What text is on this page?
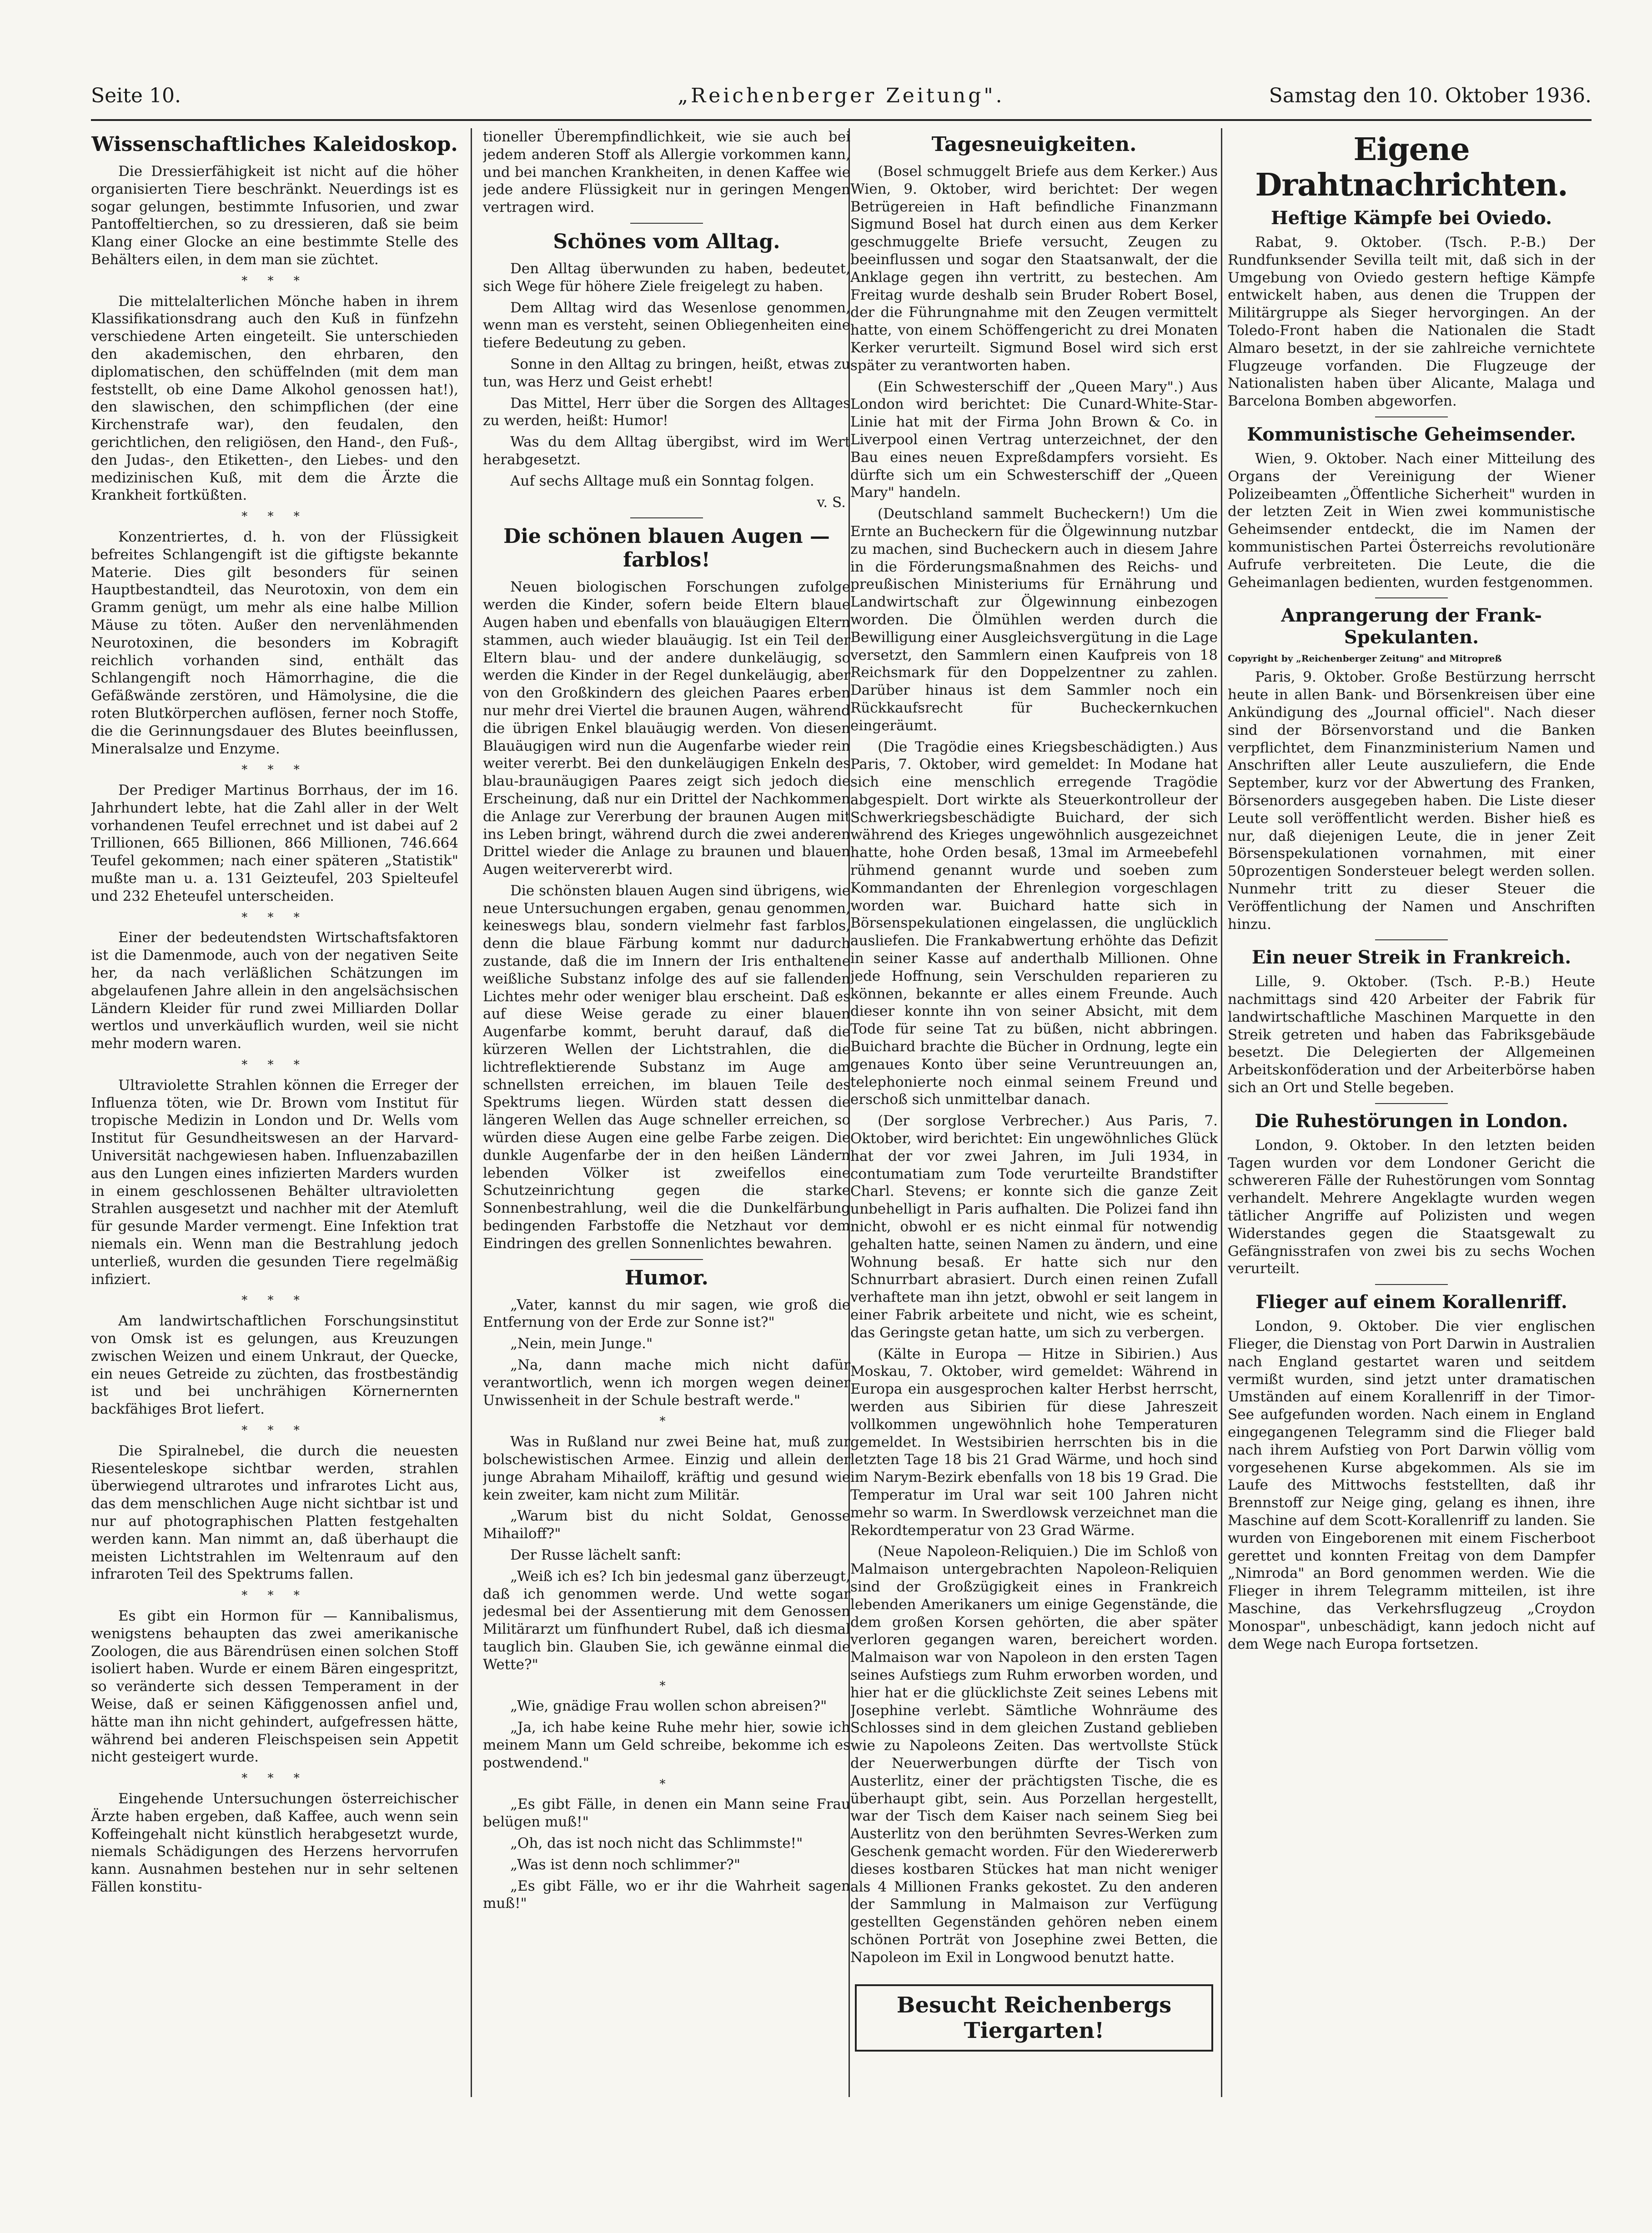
Seite 10.	„Reichenberger Zeitung".	Samstag den 10. Oktober 1936.
Wissenschaftliches Kaleidoskop.

Die Dressierfähigkeit ist nicht auf die höher organisierten Tiere beschränkt. Neuerdings ist es sogar gelungen, bestimmte Infusorien, und zwar Pantoffeltierchen, so zu dressieren, daß sie beim Klang einer Glocke an eine bestimmte Stelle des Behälters eilen, in dem man sie züchtet.

* * *

Die mittelalterlichen Mönche haben in ihrem Klassifikationsdrang auch den Kuß in fünfzehn verschiedene Arten eingeteilt. Sie unterschieden den akademischen, den ehrbaren, den diplomatischen, den schüffelnden (mit dem man feststellt, ob eine Dame Alkohol genossen hat!), den slawischen, den schimpflichen (der eine Kirchenstrafe war), den feudalen, den gerichtlichen, den religiösen, den Hand-, den Fuß-, den Judas-, den Etiketten-, den Liebes- und den medizinischen Kuß, mit dem die Ärzte die Krankheit fortküßten.

* * *

Konzentriertes, d. h. von der Flüssigkeit befreites Schlangengift ist die giftigste bekannte Materie. Dies gilt besonders für seinen Hauptbestandteil, das Neurotoxin, von dem ein Gramm genügt, um mehr als eine halbe Million Mäuse zu töten. Außer den nervenlähmenden Neurotoxinen, die besonders im Kobragift reichlich vorhanden sind, enthält das Schlangengift noch Hämorrhagine, die die Gefäßwände zerstören, und Hämolysine, die die roten Blutkörperchen auflösen, ferner noch Stoffe, die die Gerinnungsdauer des Blutes beeinflussen, Mineralsalze und Enzyme.

* * *

Der Prediger Martinus Borrhaus, der im 16. Jahrhundert lebte, hat die Zahl aller in der Welt vorhandenen Teufel errechnet und ist dabei auf 2 Trillionen, 665 Billionen, 866 Millionen, 746.664 Teufel gekommen; nach einer späteren „Statistik" mußte man u. a. 131 Geizteufel, 203 Spielteufel und 232 Eheteufel unterscheiden.

* * *

Einer der bedeutendsten Wirtschaftsfaktoren ist die Damenmode, auch von der negativen Seite her, da nach verläßlichen Schätzungen im abgelaufenen Jahre allein in den angelsächsischen Ländern Kleider für rund zwei Milliarden Dollar wertlos und unverkäuflich wurden, weil sie nicht mehr modern waren.

* * *

Ultraviolette Strahlen können die Erreger der Influenza töten, wie Dr. Brown vom Institut für tropische Medizin in London und Dr. Wells vom Institut für Gesundheitswesen an der Harvard-Universität nachgewiesen haben. Influenzabazillen aus den Lungen eines infizierten Marders wurden in einem geschlossenen Behälter ultravioletten Strahlen ausgesetzt und nachher mit der Atemluft für gesunde Marder vermengt. Eine Infektion trat niemals ein. Wenn man die Bestrahlung jedoch unterließ, wurden die gesunden Tiere regelmäßig infiziert.

* * *

Am landwirtschaftlichen Forschungsinstitut von Omsk ist es gelungen, aus Kreuzungen zwischen Weizen und einem Unkraut, der Quecke, ein neues Getreide zu züchten, das frostbeständig ist und bei unchrähigen Körnernernten backfähiges Brot liefert.

* * *

Die Spiralnebel, die durch die neuesten Riesenteleskope sichtbar werden, strahlen überwiegend ultrarotes und infrarotes Licht aus, das dem menschlichen Auge nicht sichtbar ist und nur auf photographischen Platten festgehalten werden kann. Man nimmt an, daß überhaupt die meisten Lichtstrahlen im Weltenraum auf den infraroten Teil des Spektrums fallen.

* * *

Es gibt ein Hormon für — Kannibalismus, wenigstens behaupten das zwei amerikanische Zoologen, die aus Bärendrüsen einen solchen Stoff isoliert haben. Wurde er einem Bären eingespritzt, so veränderte sich dessen Temperament in der Weise, daß er seinen Käfiggenossen anfiel und, hätte man ihn nicht gehindert, aufgefressen hätte, während bei anderen Fleischspeisen sein Appetit nicht gesteigert wurde.

* * *

Eingehende Untersuchungen österreichischer Ärzte haben ergeben, daß Kaffee, auch wenn sein Koffeingehalt nicht künstlich herabgesetzt wurde, niemals Schädigungen des Herzens hervorrufen kann. Ausnahmen bestehen nur in sehr seltenen Fällen konstitu-

tioneller Überempfindlichkeit, wie sie auch bei jedem anderen Stoff als Allergie vorkommen kann, und bei manchen Krankheiten, in denen Kaffee wie jede andere Flüssigkeit nur in geringen Mengen vertragen wird.

Schönes vom Alltag.

Den Alltag überwunden zu haben, bedeutet, sich Wege für höhere Ziele freigelegt zu haben.

Dem Alltag wird das Wesenlose genommen, wenn man es versteht, seinen Obliegenheiten eine tiefere Bedeutung zu geben.

Sonne in den Alltag zu bringen, heißt, etwas zu tun, was Herz und Geist erhebt!

Das Mittel, Herr über die Sorgen des Alltages zu werden, heißt: Humor!

Was du dem Alltag übergibst, wird im Wert herabgesetzt.

Auf sechs Alltage muß ein Sonntag folgen.

v. S.
Die schönen blauen Augen — farblos!

Neuen biologischen Forschungen zufolge werden die Kinder, sofern beide Eltern blaue Augen haben und ebenfalls von blauäugigen Eltern stammen, auch wieder blauäugig. Ist ein Teil der Eltern blau- und der andere dunkeläugig, so werden die Kinder in der Regel dunkeläugig, aber von den Großkindern des gleichen Paares erben nur mehr drei Viertel die braunen Augen, während die übrigen Enkel blauäugig werden. Von diesen Blauäugigen wird nun die Augenfarbe wieder rein weiter vererbt. Bei den dunkeläugigen Enkeln des blau-braunäugigen Paares zeigt sich jedoch die Erscheinung, daß nur ein Drittel der Nachkommen die Anlage zur Vererbung der braunen Augen mit ins Leben bringt, während durch die zwei anderen Drittel wieder die Anlage zu braunen und blauen Augen weitervererbt wird.

Die schönsten blauen Augen sind übrigens, wie neue Untersuchungen ergaben, genau genommen, keineswegs blau, sondern vielmehr fast farblos, denn die blaue Färbung kommt nur dadurch zustande, daß die im Innern der Iris enthaltene weißliche Substanz infolge des auf sie fallenden Lichtes mehr oder weniger blau erscheint. Daß es auf diese Weise gerade zu einer blauen Augenfarbe kommt, beruht darauf, daß die kürzeren Wellen der Lichtstrahlen, die die lichtreflektierende Substanz im Auge am schnellsten erreichen, im blauen Teile des Spektrums liegen. Würden statt dessen die längeren Wellen das Auge schneller erreichen, so würden diese Augen eine gelbe Farbe zeigen. Die dunkle Augenfarbe der in den heißen Ländern lebenden Völker ist zweifellos eine Schutzeinrichtung gegen die starke Sonnenbestrahlung, weil die die Dunkelfärbung bedingenden Farbstoffe die Netzhaut vor dem Eindringen des grellen Sonnenlichtes bewahren.

Humor.

„Vater, kannst du mir sagen, wie groß die Entfernung von der Erde zur Sonne ist?"

„Nein, mein Junge."

„Na, dann mache mich nicht dafür verantwortlich, wenn ich morgen wegen deiner Unwissenheit in der Schule bestraft werde."

*

Was in Rußland nur zwei Beine hat, muß zur bolschewistischen Armee. Einzig und allein der junge Abraham Mihailoff, kräftig und gesund wie kein zweiter, kam nicht zum Militär.

„Warum bist du nicht Soldat, Genosse Mihailoff?"

Der Russe lächelt sanft:

„Weiß ich es? Ich bin jedesmal ganz überzeugt, daß ich genommen werde. Und wette sogar jedesmal bei der Assentierung mit dem Genossen Militärarzt um fünfhundert Rubel, daß ich diesmal tauglich bin. Glauben Sie, ich gewänne einmal die Wette?"

*

„Wie, gnädige Frau wollen schon abreisen?"

„Ja, ich habe keine Ruhe mehr hier, sowie ich meinem Mann um Geld schreibe, bekomme ich es postwendend."

*

„Es gibt Fälle, in denen ein Mann seine Frau belügen muß!"

„Oh, das ist noch nicht das Schlimmste!"

„Was ist denn noch schlimmer?"

„Es gibt Fälle, wo er ihr die Wahrheit sagen muß!"

Tagesneuigkeiten.

(Bosel schmuggelt Briefe aus dem Kerker.) Aus Wien, 9. Oktober, wird berichtet: Der wegen Betrügereien in Haft befindliche Finanzmann Sigmund Bosel hat durch einen aus dem Kerker geschmuggelte Briefe versucht, Zeugen zu beeinflussen und sogar den Staatsanwalt, der die Anklage gegen ihn vertritt, zu bestechen. Am Freitag wurde deshalb sein Bruder Robert Bosel, der die Führungnahme mit den Zeugen vermittelt hatte, von einem Schöffengericht zu drei Monaten Kerker verurteilt. Sigmund Bosel wird sich erst später zu verantworten haben.

(Ein Schwesterschiff der „Queen Mary".) Aus London wird berichtet: Die Cunard-White-Star-Linie hat mit der Firma John Brown & Co. in Liverpool einen Vertrag unterzeichnet, der den Bau eines neuen Expreßdampfers vorsieht. Es dürfte sich um ein Schwesterschiff der „Queen Mary" handeln.

(Deutschland sammelt Bucheckern!) Um die Ernte an Bucheckern für die Ölgewinnung nutzbar zu machen, sind Bucheckern auch in diesem Jahre in die Förderungsmaßnahmen des Reichs- und preußischen Ministeriums für Ernährung und Landwirtschaft zur Ölgewinnung einbezogen worden. Die Ölmühlen werden durch die Bewilligung einer Ausgleichsvergütung in die Lage versetzt, den Sammlern einen Kaufpreis von 18 Reichsmark für den Doppelzentner zu zahlen. Darüber hinaus ist dem Sammler noch ein Rückkaufsrecht für Bucheckernkuchen eingeräumt.

(Die Tragödie eines Kriegsbeschädigten.) Aus Paris, 7. Oktober, wird gemeldet: In Modane hat sich eine menschlich erregende Tragödie abgespielt. Dort wirkte als Steuerkontrolleur der Schwerkriegsbeschädigte Buichard, der sich während des Krieges ungewöhnlich ausgezeichnet hatte, hohe Orden besaß, 13mal im Armeebefehl rühmend genannt wurde und soeben zum Kommandanten der Ehrenlegion vorgeschlagen worden war. Buichard hatte sich in Börsenspekulationen eingelassen, die unglücklich ausliefen. Die Frankabwertung erhöhte das Defizit in seiner Kasse auf anderthalb Millionen. Ohne jede Hoffnung, sein Verschulden reparieren zu können, bekannte er alles einem Freunde. Auch dieser konnte ihn von seiner Absicht, mit dem Tode für seine Tat zu büßen, nicht abbringen. Buichard brachte die Bücher in Ordnung, legte ein genaues Konto über seine Veruntreuungen an, telephonierte noch einmal seinem Freund und erschoß sich unmittelbar danach.

(Der sorglose Verbrecher.) Aus Paris, 7. Oktober, wird berichtet: Ein ungewöhnliches Glück hat der vor zwei Jahren, im Juli 1934, in contumatiam zum Tode verurteilte Brandstifter Charl. Stevens; er konnte sich die ganze Zeit unbehelligt in Paris aufhalten. Die Polizei fand ihn nicht, obwohl er es nicht einmal für notwendig gehalten hatte, seinen Namen zu ändern, und eine Wohnung besaß. Er hatte sich nur den Schnurrbart abrasiert. Durch einen reinen Zufall verhaftete man ihn jetzt, obwohl er seit langem in einer Fabrik arbeitete und nicht, wie es scheint, das Geringste getan hatte, um sich zu verbergen.

(Kälte in Europa — Hitze in Sibirien.) Aus Moskau, 7. Oktober, wird gemeldet: Während in Europa ein ausgesprochen kalter Herbst herrscht, werden aus Sibirien für diese Jahreszeit vollkommen ungewöhnlich hohe Temperaturen gemeldet. In Westsibirien herrschten bis in die letzten Tage 18 bis 21 Grad Wärme, und hoch sind im Narym-Bezirk ebenfalls von 18 bis 19 Grad. Die Temperatur im Ural war seit 100 Jahren nicht mehr so warm. In Swerdlowsk verzeichnet man die Rekordtemperatur von 23 Grad Wärme.

(Neue Napoleon-Reliquien.) Die im Schloß von Malmaison untergebrachten Napoleon-Reliquien sind der Großzügigkeit eines in Frankreich lebenden Amerikaners um einige Gegenstände, die dem großen Korsen gehörten, die aber später verloren gegangen waren, bereichert worden. Malmaison war von Napoleon in den ersten Tagen seines Aufstiegs zum Ruhm erworben worden, und hier hat er die glücklichste Zeit seines Lebens mit Josephine verlebt. Sämtliche Wohnräume des Schlosses sind in dem gleichen Zustand geblieben wie zu Napoleons Zeiten. Das wertvollste Stück der Neuerwerbungen dürfte der Tisch von Austerlitz, einer der prächtigsten Tische, die es überhaupt gibt, sein. Aus Porzellan hergestellt, war der Tisch dem Kaiser nach seinem Sieg bei Austerlitz von den berühmten Sevres-Werken zum Geschenk gemacht worden. Für den Wiedererwerb dieses kostbaren Stückes hat man nicht weniger als 4 Millionen Franks gekostet. Zu den anderen der Sammlung in Malmaison zur Verfügung gestellten Gegenständen gehören neben einem schönen Porträt von Josephine zwei Betten, die Napoleon im Exil in Longwood benutzt hatte.

Besucht Reichenbergs Tiergarten!
Eigene Drahtnachrichten.
Heftige Kämpfe bei Oviedo.

Rabat, 9. Oktober. (Tsch. P.-B.) Der Rundfunksender Sevilla teilt mit, daß sich in der Umgebung von Oviedo gestern heftige Kämpfe entwickelt haben, aus denen die Truppen der Militärgruppe als Sieger hervorgingen. An der Toledo-Front haben die Nationalen die Stadt Almaro besetzt, in der sie zahlreiche vernichtete Flugzeuge vorfanden. Die Flugzeuge der Nationalisten haben über Alicante, Malaga und Barcelona Bomben abgeworfen.

Kommunistische Geheimsender.

Wien, 9. Oktober. Nach einer Mitteilung des Organs der Vereinigung der Wiener Polizeibeamten „Öffentliche Sicherheit" wurden in der letzten Zeit in Wien zwei kommunistische Geheimsender entdeckt, die im Namen der kommunistischen Partei Österreichs revolutionäre Aufrufe verbreiteten. Die Leute, die die Geheimanlagen bedienten, wurden festgenommen.

Anprangerung der Frank-Spekulanten.
Copyright by „Reichenberger Zeitung" and Mitropreß

Paris, 9. Oktober. Große Bestürzung herrscht heute in allen Bank- und Börsenkreisen über eine Ankündigung des „Journal officiel". Nach dieser sind der Börsenvorstand und die Banken verpflichtet, dem Finanzministerium Namen und Anschriften aller Leute auszuliefern, die Ende September, kurz vor der Abwertung des Franken, Börsenorders ausgegeben haben. Die Liste dieser Leute soll veröffentlicht werden. Bisher hieß es nur, daß diejenigen Leute, die in jener Zeit Börsenspekulationen vornahmen, mit einer 50prozentigen Sondersteuer belegt werden sollen. Nunmehr tritt zu dieser Steuer die Veröffentlichung der Namen und Anschriften hinzu.

Ein neuer Streik in Frankreich.

Lille, 9. Oktober. (Tsch. P.-B.) Heute nachmittags sind 420 Arbeiter der Fabrik für landwirtschaftliche Maschinen Marquette in den Streik getreten und haben das Fabriksgebäude besetzt. Die Delegierten der Allgemeinen Arbeitskonföderation und der Arbeiterbörse haben sich an Ort und Stelle begeben.

Die Ruhestörungen in London.

London, 9. Oktober. In den letzten beiden Tagen wurden vor dem Londoner Gericht die schwereren Fälle der Ruhestörungen vom Sonntag verhandelt. Mehrere Angeklagte wurden wegen tätlicher Angriffe auf Polizisten und wegen Widerstandes gegen die Staatsgewalt zu Gefängnisstrafen von zwei bis zu sechs Wochen verurteilt.

Flieger auf einem Korallenriff.

London, 9. Oktober. Die vier englischen Flieger, die Dienstag von Port Darwin in Australien nach England gestartet waren und seitdem vermißt wurden, sind jetzt unter dramatischen Umständen auf einem Korallenriff in der Timor-See aufgefunden worden. Nach einem in England eingegangenen Telegramm sind die Flieger bald nach ihrem Aufstieg von Port Darwin völlig vom vorgesehenen Kurse abgekommen. Als sie im Laufe des Mittwochs feststellten, daß ihr Brennstoff zur Neige ging, gelang es ihnen, ihre Maschine auf dem Scott-Korallenriff zu landen. Sie wurden von Eingeborenen mit einem Fischerboot gerettet und konnten Freitag von dem Dampfer „Nimroda" an Bord genommen werden. Wie die Flieger in ihrem Telegramm mitteilen, ist ihre Maschine, das Verkehrsflugzeug „Croydon Monospar", unbeschädigt, kann jedoch nicht auf dem Wege nach Europa fortsetzen.
